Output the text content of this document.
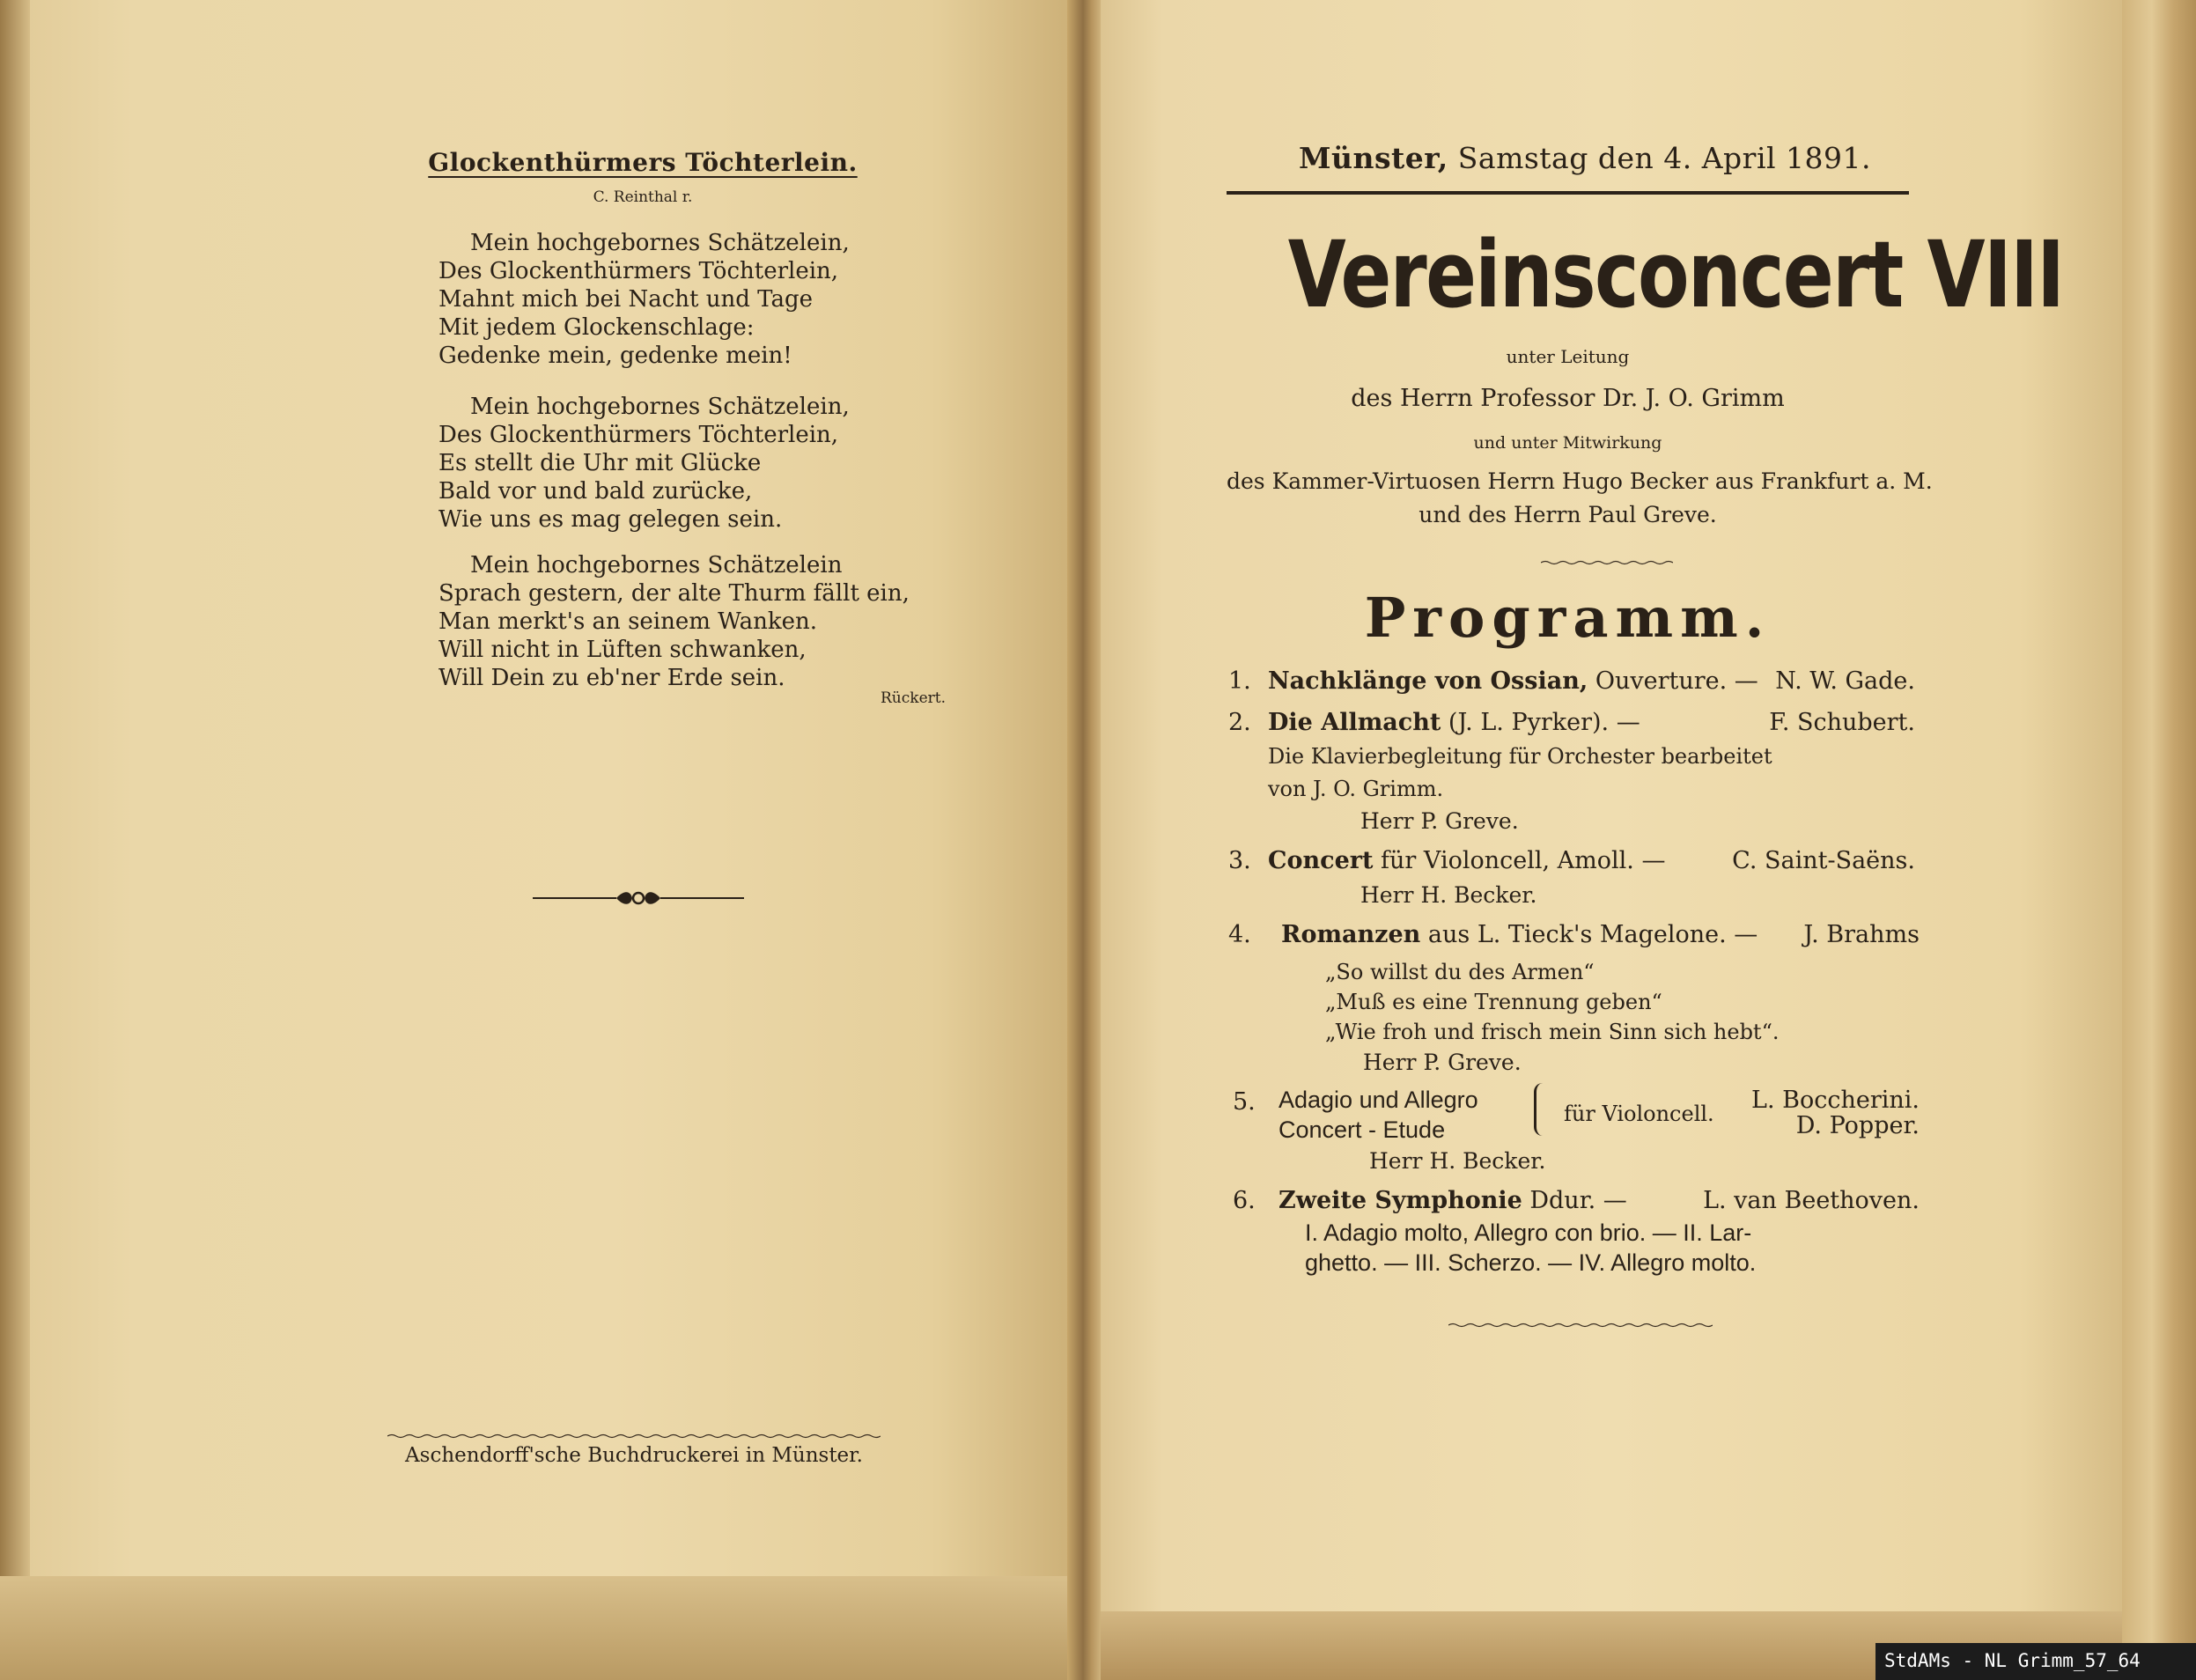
Glockenthürmers Töchterlein.
C. Reinthal r.
Mein hochgebornes Schätzelein,
Des Glockenthürmers Töchterlein,
Mahnt mich bei Nacht und Tage
Mit jedem Glockenschlage:
Gedenke mein, gedenke mein!
Mein hochgebornes Schätzelein,
Des Glockenthürmers Töchterlein,
Es stellt die Uhr mit Glücke
Bald vor und bald zurücke,
Wie uns es mag gelegen sein.
Mein hochgebornes Schätzelein
Sprach gestern, der alte Thurm fällt ein,
Man merkt's an seinem Wanken.
Will nicht in Lüften schwanken,
Will Dein zu eb'ner Erde sein.
Rückert.
Aschendorff'sche Buchdruckerei in Münster.
Münster, Samstag den 4. April 1891.
Vereinsconcert VIII
unter Leitung
des Herrn Professor Dr. J. O. Grimm
und unter Mitwirkung
des Kammer-Virtuosen Herrn Hugo Becker aus Frankfurt a. M.
und des Herrn Paul Greve.
Programm.
1. Nachklänge von Ossian, Ouverture. — N. W. Gade.
2. Die Allmacht (J. L. Pyrker). —	F. Schubert.
Die Klavierbegleitung für Orchester bearbeitet
von J. O. Grimm.
Herr P. Greve.
3. Concert für Violoncell, Amoll. —	C. Saint-Saëns.
Herr H. Becker.
4. Romanzen aus L. Tieck's Magelone. —	J. Brahms
„So willst du des Armen“
„Muß es eine Trennung geben“
„Wie froh und frisch mein Sinn sich hebt“.
Herr P. Greve.
5. Adagio und Allegro
Concert - Etude
für Violoncell.	L. Boccherini.
D. Popper.
Herr H. Becker.
6. Zweite Symphonie Ddur. —	L. van Beethoven.
I. Adagio molto, Allegro con brio. — II. Lar-
ghetto. — III. Scherzo. — IV. Allegro molto.
StdAMs - NL Grimm_57_64
